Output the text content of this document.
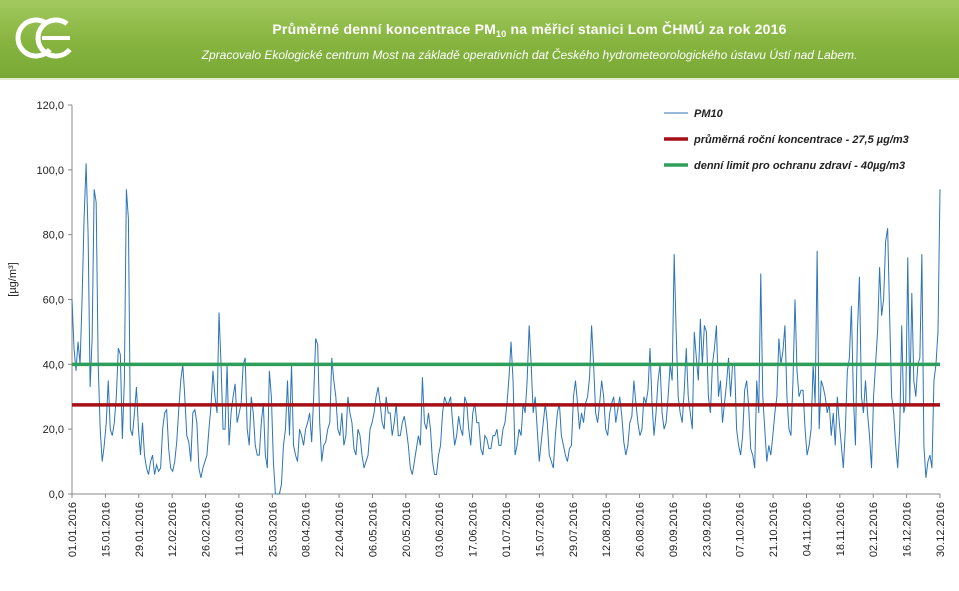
Průměrné denní koncentrace $PM_{10}$ na měřicí stanici Lom ČHMÚ za rok 2016
Zpracovalo Ekologické centrum Most na základě operativních dat Českého hydrometeorologického ústavu Ústí nad Labem.
0,0
20,0
40,0
60,0
80,0
100,0
120,0
[µg/m³]
01.01.2016 15.01.2016 29.01.2016 12.02.2016 26.02.2016 11.03.2016 25.03.2016 08.04.2016 22.04.2016 06.05.2016 20.05.2016 03.06.2016 17.06.2016 01.07.2016 15.07.2016 29.07.2016 12.08.2016 26.08.2016 09.09.2016 23.09.2016 07.10.2016 21.10.2016 04.11.2016 18.11.2016 02.12.2016 16.12.2016 30.12.2016
PM10
průměrná roční koncentrace - 27,5 µg/m3
denní limit pro ochranu zdraví - 40µg/m3
